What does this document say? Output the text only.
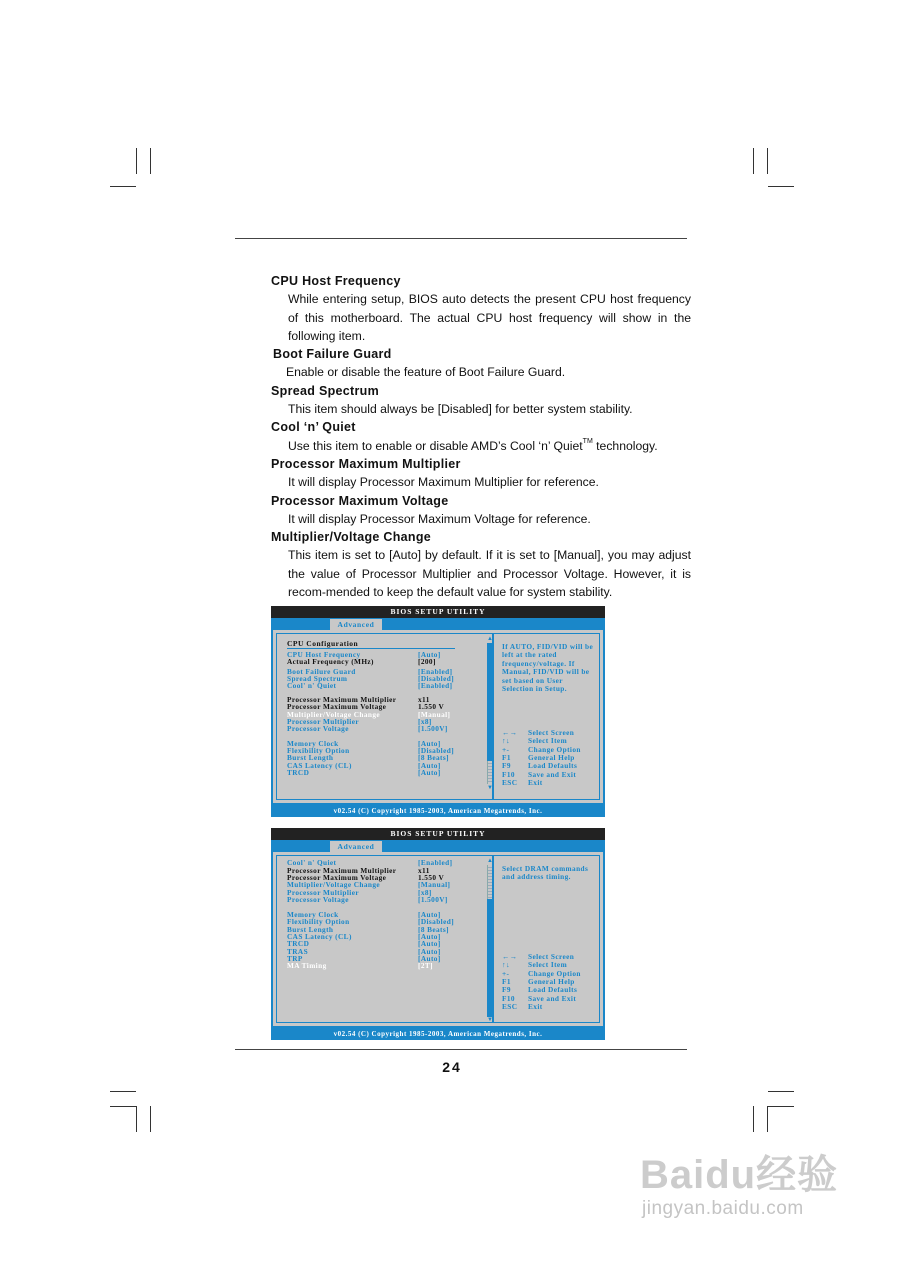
CPU Host Frequency

While entering setup, BIOS auto detects the present CPU host frequency of this motherboard. The actual CPU host frequency will show in the following item.

Boot Failure Guard

Enable or disable the feature of Boot Failure Guard.

Spread Spectrum

This item should always be [Disabled] for better system stability.

Cool ‘n’ Quiet

Use this item to enable or disable AMD’s Cool ‘n’ Quiet™ technology.

Processor Maximum Multiplier

It will display Processor Maximum Multiplier for reference.

Processor Maximum Voltage

It will display Processor Maximum Voltage for reference.

Multiplier/Voltage Change

This item is set to [Auto] by default. If it is set to [Manual], you may adjust the value of Processor Multiplier and Processor Voltage. However, it is recom-mended to keep the default value for system stability.

BIOS SETUP UTILITY
Advanced
CPU Configuration
CPU Host Frequency	[Auto]
Actual Frequency (MHz)	[200]
Boot Failure Guard	[Enabled]
Spread Spectrum	[Disabled]
Cool' n' Quiet	[Enabled]
Processor Maximum Multiplier	x11
Processor Maximum Voltage	1.550 V
Multiplier/Voltage Change	[Manual]
Processor Multiplier	[x8]
Processor Voltage	[1.500V]
Memory Clock	[Auto]
Flexibility Option	[Disabled]
Burst Length	[8 Beats]
CAS Latency (CL)	[Auto]
TRCD	[Auto]
▲
▼
If AUTO, FID/VID will be left at the rated frequency/voltage. If Manual, FID/VID will be set based on User Selection in Setup.
←→ Select Screen
↑↓ Select Item
+-	Change Option
F1 General Help
F9 Load Defaults
F10 Save and Exit
ESC Exit
v02.54 (C) Copyright 1985-2003, American Megatrends, Inc.
BIOS SETUP UTILITY
Advanced
Cool' n' Quiet	[Enabled]
Processor Maximum Multiplier	x11
Processor Maximum Voltage	1.550 V
Multiplier/Voltage Change	[Manual]
Processor Multiplier	[x8]
Processor Voltage	[1.500V]
Memory Clock	[Auto]
Flexibility Option	[Disabled]
Burst Length	[8 Beats]
CAS Latency (CL)	[Auto]
TRCD	[Auto]
TRAS	[Auto]
TRP	[Auto]
MA Timing	[2T]
▲
▼
Select DRAM commands and address timing.
←→ Select Screen
↑↓ Select Item
+-	Change Option
F1 General Help
F9 Load Defaults
F10 Save and Exit
ESC Exit
v02.54 (C) Copyright 1985-2003, American Megatrends, Inc.
24
Baidu经验
jingyan.baidu.com
